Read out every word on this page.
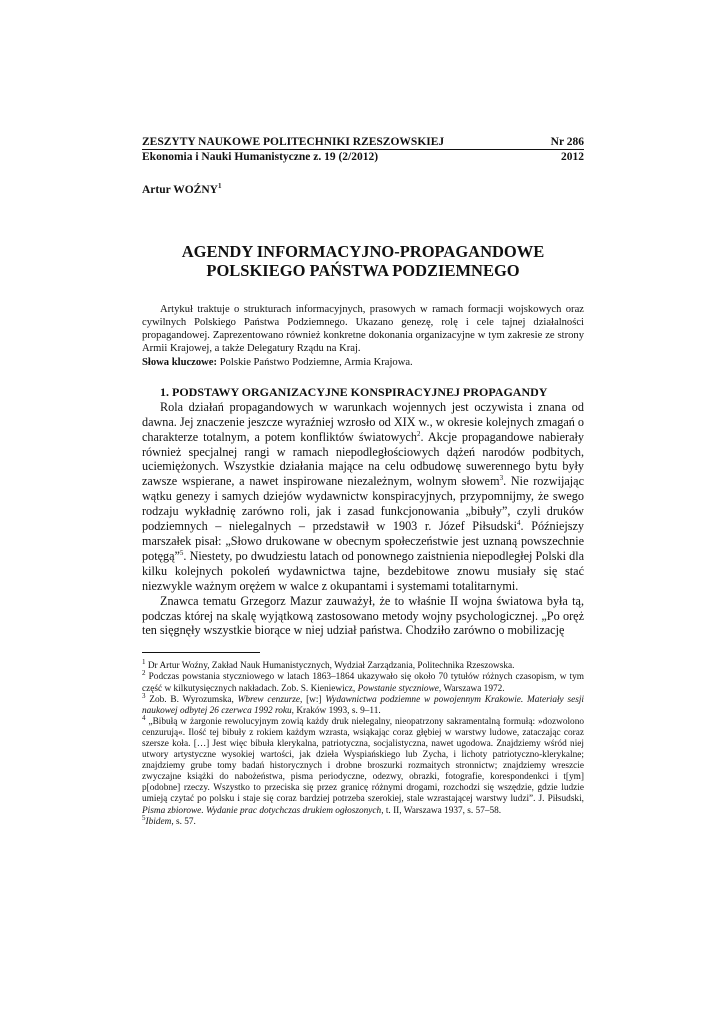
ZESZYTY NAUKOWE POLITECHNIKI RZESZOWSKIEJ	Nr 286
Ekonomia i Nauki Humanistyczne z. 19 (2/2012)	2012
Artur WOŹNY$^1$
AGENDY INFORMACYJNO-PROPAGANDOWE
POLSKIEGO PAŃSTWA PODZIEMNEGO

Artykuł traktuje o strukturach informacyjnych, prasowych w ramach formacji wojskowych oraz cywilnych Polskiego Państwa Podziemnego. Ukazano genezę, rolę i cele tajnej działalności propagandowej. Zaprezentowano również konkretne dokonania organizacyjne w tym zakresie ze strony Armii Krajowej, a także Delegatury Rządu na Kraj.

Słowa kluczowe: Polskie Państwo Podziemne, Armia Krajowa.

1. PODSTAWY ORGANIZACYJNE KONSPIRACYJNEJ PROPAGANDY

Rola działań propagandowych w warunkach wojennych jest oczywista i znana od dawna. Jej znaczenie jeszcze wyraźniej wzrosło od XIX w., w okresie kolejnych zmagań o charakterze totalnym, a potem konfliktów światowych$^2$. Akcje propagandowe nabierały również specjalnej rangi w ramach niepodległościowych dążeń narodów podbitych, uciemiężonych. Wszystkie działania mające na celu odbudowę suwerennego bytu były zawsze wspierane, a nawet inspirowane niezależnym, wolnym słowem$^3$. Nie rozwijając wątku genezy i samych dziejów wydawnictw konspiracyjnych, przypomnijmy, że swego rodzaju wykładnię zarówno roli, jak i zasad funkcjonowania „bibuły”, czyli druków podziemnych – nielegalnych – przedstawił w 1903 r. Józef Piłsudski$^4$. Późniejszy marszałek pisał: „Słowo drukowane w obecnym społeczeństwie jest uznaną powszechnie potęgą”$^5$. Niestety, po dwudziestu latach od ponownego zaistnienia niepodległej Polski dla kilku kolejnych pokoleń wydawnictwa tajne, bezdebitowe znowu musiały się stać niezwykle ważnym orężem w walce z okupantami i systemami totalitarnymi.

Znawca tematu Grzegorz Mazur zauważył, że to właśnie II wojna światowa była tą, podczas której na skalę wyjątkową zastosowano metody wojny psychologicznej. „Po oręż ten sięgnęły wszystkie biorące w niej udział państwa. Chodziło zarówno o mobilizację

$^1$ Dr Artur Woźny, Zakład Nauk Humanistycznych, Wydział Zarządzania, Politechnika Rzeszowska.

$^2$ Podczas powstania styczniowego w latach 1863–1864 ukazywało się około 70 tytułów różnych czasopism, w tym część w kilkutysięcznych nakładach. Zob. S. Kieniewicz, Powstanie styczniowe, Warszawa 1972.

$^3$ Zob. B. Wyrozumska, Wbrew cenzurze, [w:] Wydawnictwa podziemne w powojennym Krakowie. Materiały sesji naukowej odbytej 26 czerwca 1992 roku, Kraków 1993, s. 9–11.

$^4$ „Bibułą w żargonie rewolucyjnym zowią każdy druk nielegalny, nieopatrzony sakramentalną formułą: »dozwolono cenzurują«. Ilość tej bibuły z rokiem każdym wzrasta, wsiąkając coraz głębiej w warstwy ludowe, zataczając coraz szersze koła. […] Jest więc bibuła klerykalna, patriotyczna, socjalistyczna, nawet ugodowa. Znajdziemy wśród niej utwory artystyczne wysokiej wartości, jak dzieła Wyspiańskiego lub Zycha, i lichoty patriotyczno-klerykalne; znajdziemy grube tomy badań historycznych i drobne broszurki rozmaitych stronnictw; znajdziemy wreszcie zwyczajne książki do nabożeństwa, pisma periodyczne, odezwy, obrazki, fotografie, korespondenkci i t[ym] p[odobne] rzeczy. Wszystko to przeciska się przez granicę różnymi drogami, rozchodzi się wszędzie, gdzie ludzie umieją czytać po polsku i staje się coraz bardziej potrzeba szerokiej, stale wzrastającej warstwy ludzi”. J. Piłsudski, Pisma zbiorowe. Wydanie prac dotychczas drukiem ogłoszonych, t. II, Warszawa 1937, s. 57–58.

$^5$Ibidem, s. 57.
